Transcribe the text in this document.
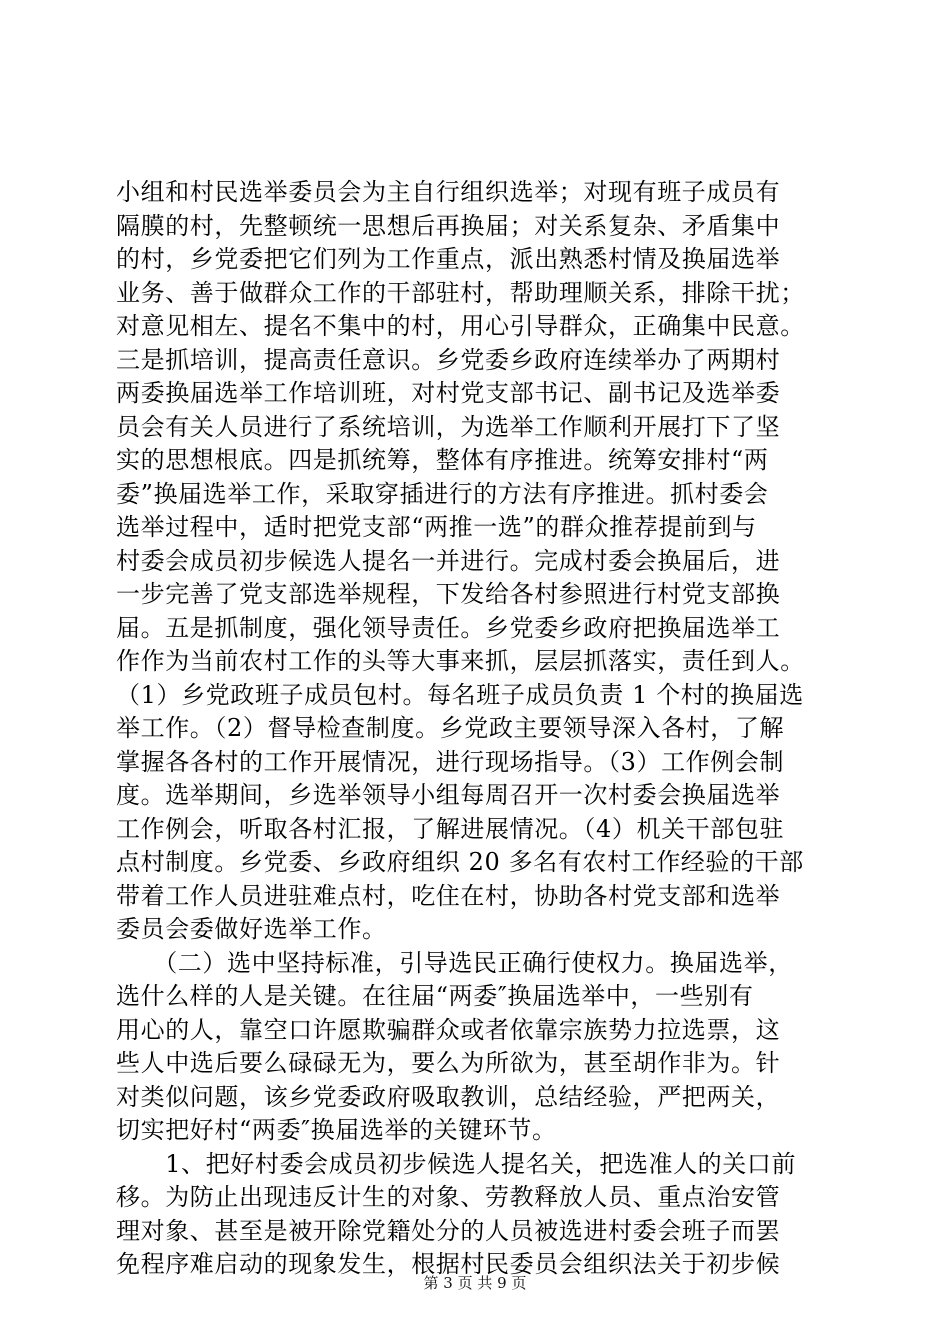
小组和村民选举委员会为主自行组织选举；对现有班子成员有
隔膜的村，先整顿统一思想后再换届；对关系复杂、矛盾集中
的村，乡党委把它们列为工作重点，派出熟悉村情及换届选举
业务、善于做群众工作的干部驻村，帮助理顺关系，排除干扰；
对意见相左、提名不集中的村，用心引导群众，正确集中民意。
三是抓培训，提高责任意识。乡党委乡政府连续举办了两期村
两委换届选举工作培训班，对村党支部书记、副书记及选举委
员会有关人员进行了系统培训，为选举工作顺利开展打下了坚
实的思想根底。四是抓统筹，整体有序推进。统筹安排村“两
委”换届选举工作，采取穿插进行的方法有序推进。抓村委会
选举过程中，适时把党支部“两推一选”的群众推荐提前到与
村委会成员初步候选人提名一并进行。完成村委会换届后，进
一步完善了党支部选举规程，下发给各村参照进行村党支部换
届。五是抓制度，强化领导责任。乡党委乡政府把换届选举工
作作为当前农村工作的头等大事来抓，层层抓落实，责任到人。
（1）乡党政班子成员包村。每名班子成员负责 1 个村的换届选
举工作。（2）督导检查制度。乡党政主要领导深入各村，了解
掌握各各村的工作开展情况，进行现场指导。（3）工作例会制
度。选举期间，乡选举领导小组每周召开一次村委会换届选举
工作例会，听取各村汇报，了解进展情况。（4）机关干部包驻
点村制度。乡党委、乡政府组织 20 多名有农村工作经验的干部
带着工作人员进驻难点村，吃住在村，协助各村党支部和选举
委员会委做好选举工作。
　　（二）选中坚持标准，引导选民正确行使权力。换届选举，
选什么样的人是关键。在往届“两委″换届选举中，一些别有
用心的人，靠空口许愿欺骗群众或者依靠宗族势力拉选票，这
些人中选后要么碌碌无为，要么为所欲为，甚至胡作非为。针
对类似问题，该乡党委政府吸取教训，总结经验，严把两关，
切实把好村“两委″换届选举的关键环节。
　　1、把好村委会成员初步候选人提名关，把选准人的关口前
移。为防止出现违反计生的对象、劳教释放人员、重点治安管
理对象、甚至是被开除党籍处分的人员被选进村委会班子而罢
免程序难启动的现象发生，根据村民委员会组织法关于初步候
第 3 页 共 9 页
